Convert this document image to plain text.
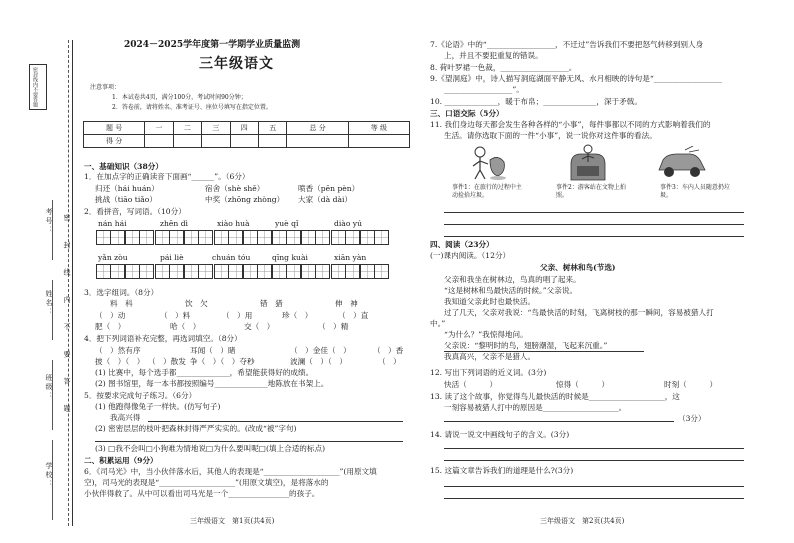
密封线内不要答题
考号：
姓名：
班级：
学校：
密 封 线 内 不 要 答 题
2024－2025学年度第一学期学业质量监测
三年级语文
注意事项：
1．本试卷共4页，满分100分，考试时间90分钟；
2．答卷前，请将姓名、准考证号、座位号填写在指定位置。
题 号	一	二	三	四	五	总 分	等 级
得 分							
一、基础知识（38分）
1．在加点字的正确读音下面画“______”。（6分）
归还（hái huán）	宿舍（shè shě）	喷香（pēn pèn）
挑战（tiāo tiǎo）	中奖（zhōng zhòng） 大家（dà dài）
2．看拼音，写词语。（10分）
nán hái	zhēn dì	xiào huà	yuè qǐ	diào yú
yǎn zòu	pái liè	chuán tóu	qīng kuài	xiān yàn
3．选字组词。（8分）
料　科	饮　欠	错　猎	伸　神
（　）动	（　）料	（　）用	珍（　）	（　）直
肥（　）	哈（　）	交（　）	（　）精
4．把下列词语补充完整，再选词填空。（8分）
（　）然有序	耳闻（　）睹	（　）金佳（　）	（　）香
披（　）（　） （　）散发 争（　）（　）夺秒	波澜（　）（　）	（　）
(1) 比赛中，每个选手都______________，希望能获得好的成绩。
(2) 图书馆里，每一本书都按照编号______________地陈放在书架上。
5．按要求完成句子练习。（6分）
(1) 他跑得像兔子一样快。(仿写句子)
我高兴得
(2) 密密层层的枝叶把森林封得严严实实的。(改成“被”字句)
(3) □我不会叫□小狗难为情地说□为什么要叫呢□(填上合适的标点)
二、积累运用（9分）
6．《司马光》中，当小伙伴落水后，其他人的表现是“____________________”(用原文填
空)，司马光的表现是“____________________”(用原文填空)，是将落水的
小伙伴得救了。从中可以看出司马光是一个________________的孩子。
三年级语文　第1页(共4页)
7.《论语》中的“__________________，不迁过”告诉我们不要把怒气转移到别人身
上，并且不要犯重复的错误。
8. 荷叶罗裙一色裁，__________________。
9.《望洞庭》中，诗人描写洞庭湖面平静无风、水月相映的诗句是“__________________
__________________”。
10. ______________，暖于布帛；______________，深于矛戟。
三、口语交际（5分）
11. 我们身边每天都会发生各种各样的“小事”，每件事都以不同的方式影响着我们的
生活。请你选取下面的一件“小事”，说一说你对这件事的看法。
事件1：在旅行的过程中主动捡拾垃圾。
事件2：游客站在文物上拍照。
事件3：车内人员随意扔垃圾。
四、阅读（23分）
(一)课内阅读。（12分）
父亲、树林和鸟(节选)
父亲和我坐在树林边，鸟真的唱了起来。
“这是树林和鸟最快活的时候。”父亲说。
我知道父亲此时也最快活。
过了几天，父亲对我说：“鸟最快活的时刻，飞离树枝的那一瞬间，容易被猎人打
中。”
“为什么？”我惊得地问。
父亲说：“黎明时的鸟，翅膀潮湿，飞起来沉重。”
我真高兴，父亲不是猎人。
12. 写出下列词语的近义词。(3分)
快活（　　　）	惊得（　　　）	时刻（　　　）
13. 读了这个故事，你觉得鸟儿最快活的时候是____________________，这
一刻容易被猎人打中的原因是____________________。
（3分）
14. 请说一说文中画线句子的含义。(3分)
15. 这篇文章告诉我们的道理是什么?(3分)
三年级语文　第2页(共4页)
